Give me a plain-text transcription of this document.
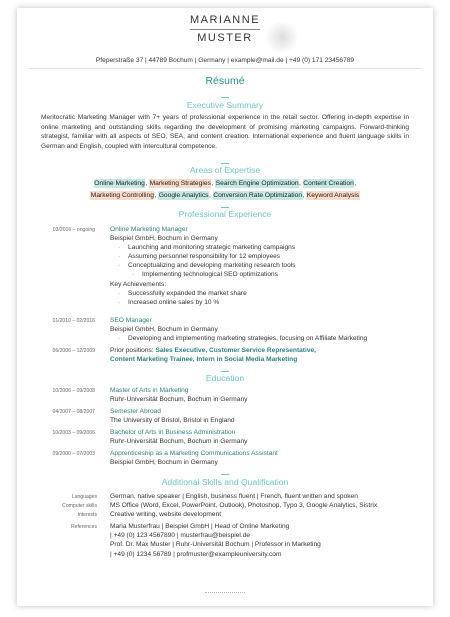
MARIANNE
MUSTER
Pfeperstraße 37 | 44789 Bochum | Germany | example@mail.de | +49 (0) 171 23456789
Résumé
Executive Summary
Meritocratic Marketing Manager with 7+ years of professional experience in the retail sector. Offering in-depth expertise in online marketing and outstanding skills regarding the development of promising marketing campaigns. Forward-thinking strategist, familiar with all aspects of SEO, SEA, and content creation. International experience and fluent language skills in German and English, coupled with intercultural competence.
Areas of Expertise
Online Marketing, Marketing Strategies, Search Engine Optimization, Content Creation,
Marketing Controlling, Google Analytics, Conversion Rate Optimization, Keyword Analysis
Professional Experience
03/2016 – ongoing Online Marketing Manager
Beispiel GmbH, Bochum in Germany
· Launching and monitoring strategic marketing campaigns
· Assuming personnel responsibility for 12 employees
· Conceptualizing and developing marketing research tools
· Implementing technological SEO optimizations
Key Achievements:
· Successfully expanded the market share
· Increased online sales by 10 %
01/2010 – 02/2016 SEO Manager
Beispiel GmbH, Bochum in Germany
· Developing and implementing marketing strategies, focusing on Affiliate Marketing
06/2006 – 12/2009 Prior positions: Sales Executive, Customer Service Representative,
Content Marketing Trainee, Intern in Social Media Marketing
Education
10/2006 – 09/2008 Master of Arts in Marketing
Ruhr-Universität Bochum, Bochum in Germany
04/2007 – 08/2007 Semester Abroad
The University of Bristol, Bristol in England
10/2003 – 09/2006 Bachelor of Arts in Business Administration
Ruhr-Universität Bochum, Bochum in Germany
09/2000 – 07/2003 Apprenticeship as a Marketing Communications Assistant
Beispiel GmbH, Bochum in Germany
Additional Skills and Qualification
Languages German, native speaker | English, business fluent | French, fluent written and spoken
Computer skills MS Office (Word, Excel, PowerPoint, Outlook), Photoshop, Typo 3, Google Analytics, Sistrix
Interests Creative writing, website development
References Maria Musterfrau | Beispiel GmbH | Head of Online Marketing
| +49 (0) 123 4567890 | musterfrau@beispiel.de
Prof. Dr. Max Muster | Ruhr-Universität Bochum | Professor in Marketing
| +49 (0) 1234 56789 | profmuster@exampleuniversity.com
